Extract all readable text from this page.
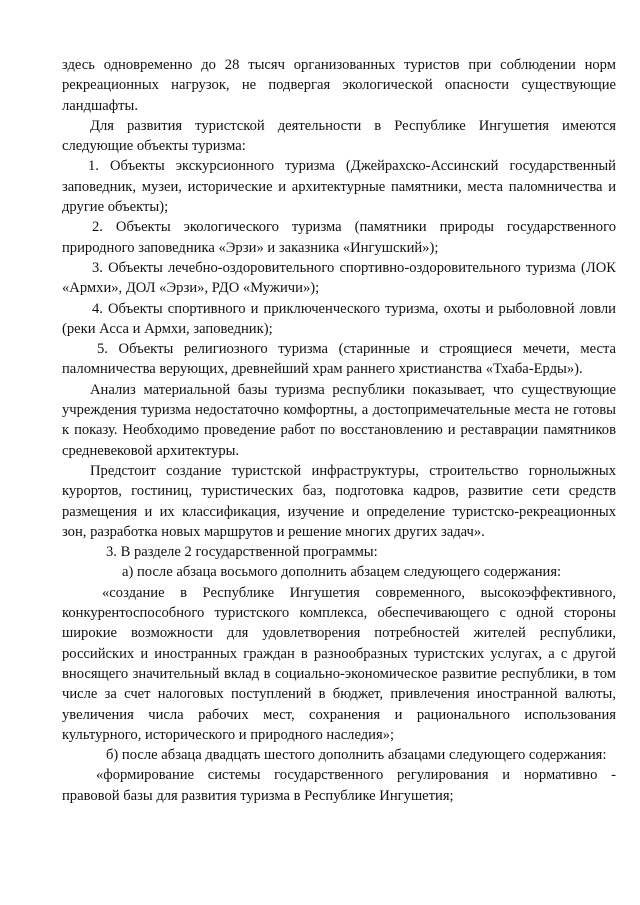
здесь одновременно до 28 тысяч организованных туристов при соблюдении норм рекреационных нагрузок, не подвергая экологической опасности существующие ландшафты.

Для развития туристской деятельности в Республике Ингушетия имеются следующие объекты туризма:

1. Объекты экскурсионного туризма (Джейрахско-Ассинский государственный заповедник, музеи, исторические и архитектурные памятники, места паломничества и другие объекты);

2. Объекты экологического туризма (памятники природы государственного природного заповедника «Эрзи» и заказника «Ингушский»);

3. Объекты лечебно-оздоровительного спортивно-оздоровительного туризма (ЛОК «Армхи», ДОЛ «Эрзи», РДО «Мужичи»);

4. Объекты спортивного и приключенческого туризма, охоты и рыболовной ловли (реки Асса и Армхи, заповедник);

5. Объекты религиозного туризма (старинные и строящиеся мечети, места паломничества верующих, древнейший храм раннего христианства «Тхаба-Ерды»).

Анализ материальной базы туризма республики показывает, что существующие учреждения туризма недостаточно комфортны, а достопримечательные места не готовы к показу. Необходимо проведение работ по восстановлению и реставрации памятников средневековой архитектуры.

Предстоит создание туристской инфраструктуры, строительство горнолыжных курортов, гостиниц, туристических баз, подготовка кадров, развитие сети средств размещения и их классификация, изучение и определение туристско-рекреационных зон, разработка новых маршрутов и решение многих других задач».

3. В разделе 2 государственной программы:

а) после абзаца восьмого дополнить абзацем следующего содержания:

«создание в Республике Ингушетия современного, высокоэффективного, конкурентоспособного туристского комплекса, обеспечивающего с одной стороны широкие возможности для удовлетворения потребностей жителей республики, российских и иностранных граждан в разнообразных туристских услугах, а с другой вносящего значительный вклад в социально-экономическое развитие республики, в том числе за счет налоговых поступлений в бюджет, привлечения иностранной валюты, увеличения числа рабочих мест, сохранения и рационального использования культурного, исторического и природного наследия»;

б) после абзаца двадцать шестого дополнить абзацами следующего содержания:

«формирование системы государственного регулирования и нормативно - правовой базы для развития туризма в Республике Ингушетия;
